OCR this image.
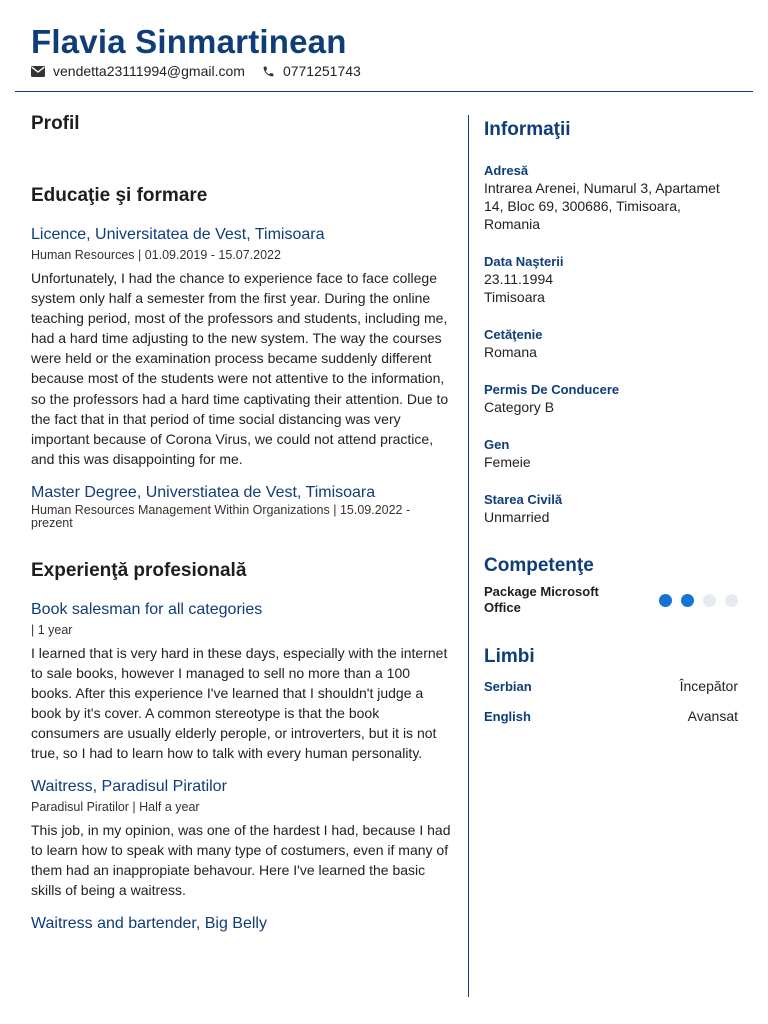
Flavia Sinmartinean
vendetta23111994@gmail.com	0771251743
Profil
Educaţie şi formare
Licence, Universitatea de Vest, Timisoara
Human Resources | 01.09.2019 - 15.07.2022
Unfortunately, I had the chance to experience face to face college system only half a semester from the first year. During the online teaching period, most of the professors and students, including me, had a hard time adjusting to the new system. The way the courses were held or the examination process became suddenly different because most of the students were not attentive to the information, so the professors had a hard time captivating their attention. Due to the fact that in that period of time social distancing was very important because of Corona Virus, we could not attend practice, and this was disappointing for me.
Master Degree, Universtiatea de Vest, Timisoara
Human Resources Management Within Organizations | 15.09.2022 - prezent
Experienţă profesională
Book salesman for all categories
| 1 year
I learned that is very hard in these days, especially with the internet to sale books, however I managed to sell no more than a 100 books. After this experience I've learned that I shouldn't judge a book by it's cover. A common stereotype is that the book consumers are usually elderly perople, or introverters, but it is not true, so I had to learn how to talk with every human personality.
Waitress, Paradisul Piratilor
Paradisul Piratilor | Half a year
This job, in my opinion, was one of the hardest I had, because I had to learn how to speak with many type of costumers, even if many of them had an inappropiate behavour. Here I've learned the basic skills of being a waitress.
Waitress and bartender, Big Belly
Informaţii
Adresă
Intrarea Arenei, Numarul 3, Apartamet 14, Bloc 69, 300686, Timisoara, Romania
Data Naşterii
23.11.1994
Timisoara
Cetăţenie
Romana
Permis De Conducere
Category B
Gen
Femeie
Starea Civilă
Unmarried
Competenţe
Package Microsoft Office
Limbi
Serbian	Începător
English	Avansat
